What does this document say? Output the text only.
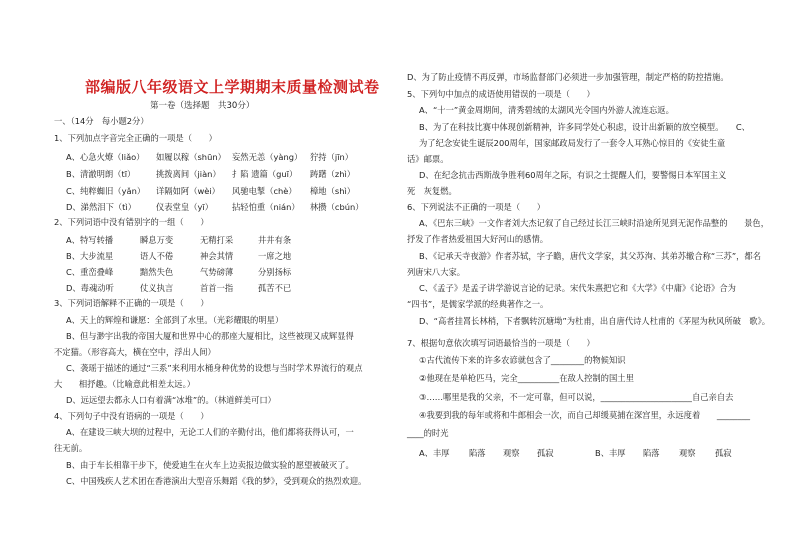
部编版八年级语文上学期期末质量检测试卷
第一卷（选择题　共30分）
一、（14分　每小题2分）
1、下列加点字音完全正确的一项是（　　）
A、心急火燎（liǎo） 如履以稼（shūn） 妄然无恙（yàng） 狞持（jīn）
B、清澈明朗（tī） 挑拨离间（jiàn） 扌陷 遗篇（guī） 踌躇（zhì）
C、纯粹蜘旧（yǎn） 详隔如阿（wèi） 风驰电掣（chè） 樟地（shì）
D、涕然泪下（tì） 仪表堂皇（yī） 拈轻怕重（nián） 林攒（cbún）
2、下列词语中没有错别字的一组（　　）
A、特写转播	瞬息万变	无精打采	井井有条
B、大步流星	语人不倦	神会其情	一席之地
C、重峦叠峰	黯然失色	气势磅薄	分别扬标
D、毒魂动听	仗义执言	首首一指	孤苦不已
3、下列词语解释不正确的一项是（　　）
A、天上的辉煌和谦愿：全部到了水里。（光彩耀眼的明星）
B、但与渺宇出我的帝国大厦和世界中心的那座大厦相比，这些被现又成辉显得
不定猫。（形容高大，横在空中，浮出人间）
C、袭瑶于描述的通过“三系”来利用水桶身种优势的设想与当时学术界流行的观点
大　　相抒趣。（比喻意此相差太远。）
D、远远望去都永人口有着满“冰堆”的。（林道鲜美可口）
4、下列句子中没有语病的一项是（　　）
A、在建设三峡大坝的过程中，无论工人们的辛勤付出，他们都将获得认可，一
往无前。
B、由于车长相靠干步下，使爱迪生在火车上边卖报边做实验的愿望被破灭了。
C、中国残疾人艺术团在香港演出大型音乐舞蹈《我的梦》，受到观众的热烈欢迎。
D、为了防止疫情不再反弹，市场监督部门必须进一步加强管理，制定严格的防控措施。
5、下列句中加点的成语使用错误的一项是（　　）
A、“十一”黄金周期间，清秀碧绒的太湖风光令国内外游人流连忘返。
B、为了在科技比赛中体现创新精神，许多同学处心积虑，设计出新颖的放空模型。　　C、
为了纪念安徒生诞辰200周年，国家邮政局发行了一套令人耳熟心惊目的《安徒生童
话》邮票。
D、在纪念抗击西斯战争胜利60周年之际，有识之士提醒人们，要警惕日本军国主义
死　灰复燃。
6、下列说法不正确的一项是（　　）
A、《巴东三峡》一文作者刘大杰记叙了自己经过长江三峡时沿途所见到无泥作品整的　　景色，
抒发了作者热爱祖国大好河山的感情。
B、《记承天寺夜游》作者苏轼，字子瞻，唐代文学家，其父苏洵、其弟苏辙合称“三苏”，都名
列唐宋八大家。
C、《孟子》是孟子讲学游说言论的记录。宋代朱熹把它和《大学》《中庸》《论语》合为
“四书”，是儒家学派的经典著作之一。
D、“高者挂罥长林梢，下者飘转沉塘坳”为杜甫，出自唐代诗人杜甫的《茅屋为秋风所破　歌》。
7、根据句意依次填写词语最恰当的一项是（　　）
①古代流传下来的许多农谚就包含了________的物候知识
②他现在是单枪匹马，完全__________在敌人控制的国土里
③……哪里是我的父亲，不一定可靠，但可以说，______________________自己亲自去
④我要到我的每年或将和牛郎相会一次，而自己却缓莫捕在深宫里，永远度着　　________
____的时光
A、丰厚 陷落 观察 孤寂	B、丰厚 陷落 观察 孤寂
